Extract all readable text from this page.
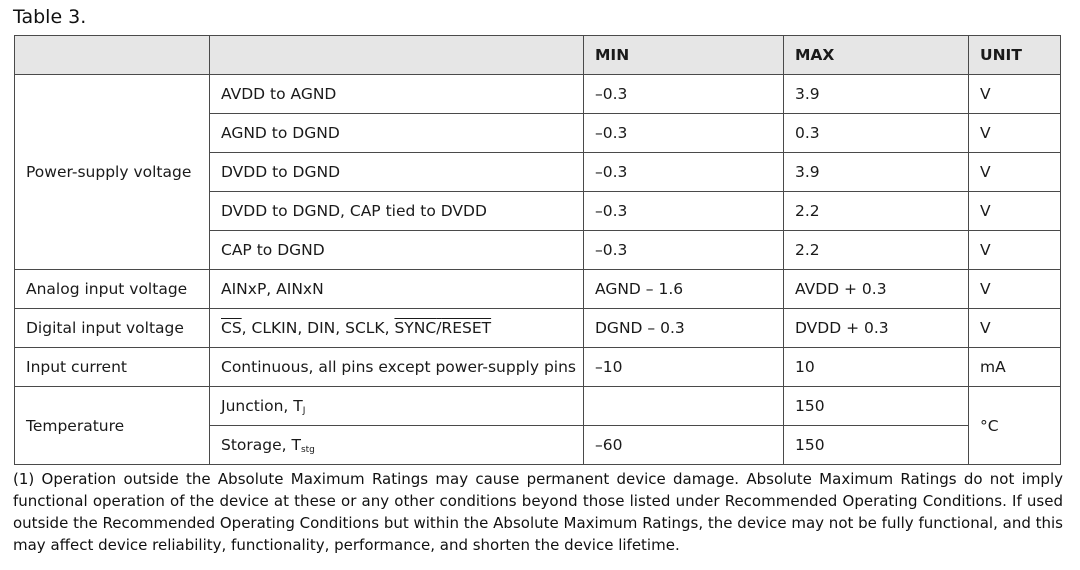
Table 3.
		MIN	MAX	UNIT
Power-supply voltage	AVDD to AGND	–0.3	3.9	V
	AGND to DGND	–0.3	0.3	V
	DVDD to DGND	–0.3	3.9	V
	DVDD to DGND, CAP tied to DVDD	–0.3	2.2	V
	CAP to DGND	–0.3	2.2	V
Analog input voltage	AINxP, AINxN	AGND – 1.6	AVDD + 0.3	V
Digital input voltage	$\overline{CS}$, CLKIN, DIN, SCLK, SYNC/RESET	DGND – 0.3	DVDD + 0.3	V
Input current	Continuous, all pins except power-supply pins	–10	10	mA
Temperature	Junction, $T_J$		150	°C
	Storage, $T_{stg}$	–60	150	
(1) Operation outside the Absolute Maximum Ratings may cause permanent device damage. Absolute Maximum Ratings do not imply functional operation of the device at these or any other conditions beyond those listed under Recommended Operating Conditions. If used outside the Recommended Operating Conditions but within the Absolute Maximum Ratings, the device may not be fully functional, and this may affect device reliability, functionality, performance, and shorten the device lifetime.
